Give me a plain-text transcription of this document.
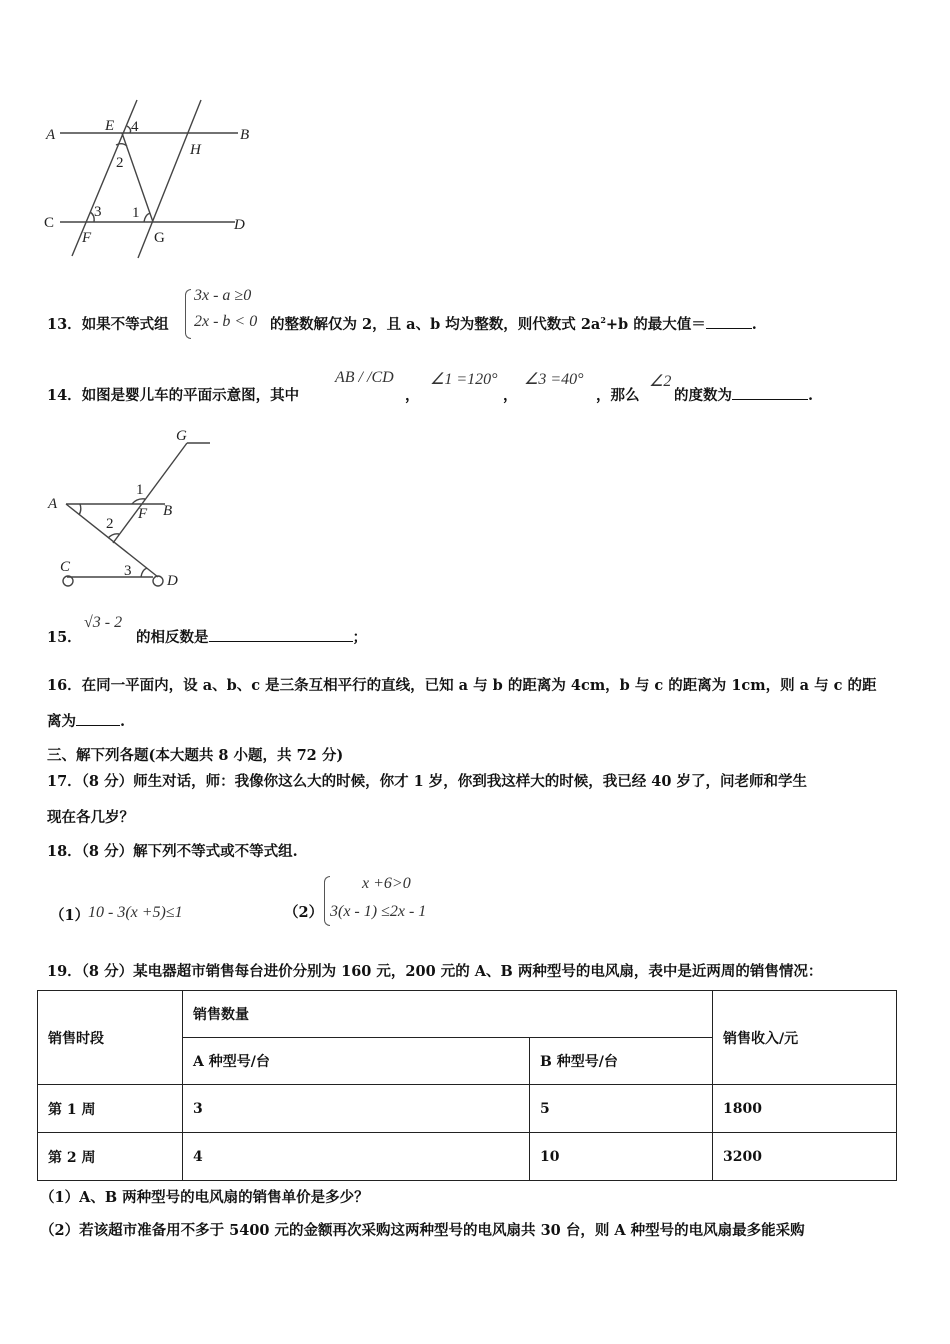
A
E 4	B
2
H
C
3 1
D
F	G
13．如果不等式组
3x - a ≥0
2x - b < 0 的整数解仅为 2，且 a、b 均为整数，则代数式 $2a^2+b$ 的最大值＝	.
14．如图是婴儿车的平面示意图，其中
AB / /CD
，
∠1 =120°
，
∠3 =40°
，那么
∠2
的度数为	.
G
1
A
F B
2
C	3
D
15．
√3 - 2
的相反数是	；
16．在同一平面内，设 a、b、c 是三条互相平行的直线，已知 a 与 b 的距离为 4cm，b 与 c 的距离为 1cm，则 a 与 c 的距
离为	.
三、解下列各题(本大题共 8 小题，共 72 分)
17．（8 分）师生对话，师：我像你这么大的时候，你才 1 岁，你到我这样大的时候，我已经 40 岁了，问老师和学生
现在各几岁？
18．（8 分）解下列不等式或不等式组.
（1）
10 - 3(x +5)≤1	（2）
x +6>0
3(x - 1) ≤2x - 1
19．（8 分）某电器超市销售每台进价分别为 160 元，200 元的 A、B 两种型号的电风扇，表中是近两周的销售情况：
销售时段	销售数量		销售收入/元
	A 种型号/台	B 种型号/台	
第 1 周	3	5	1800
第 2 周	4	10	3200
（1）A、B 两种型号的电风扇的销售单价是多少？
（2）若该超市准备用不多于 5400 元的金额再次采购这两种型号的电风扇共 30 台，则 A 种型号的电风扇最多能采购
